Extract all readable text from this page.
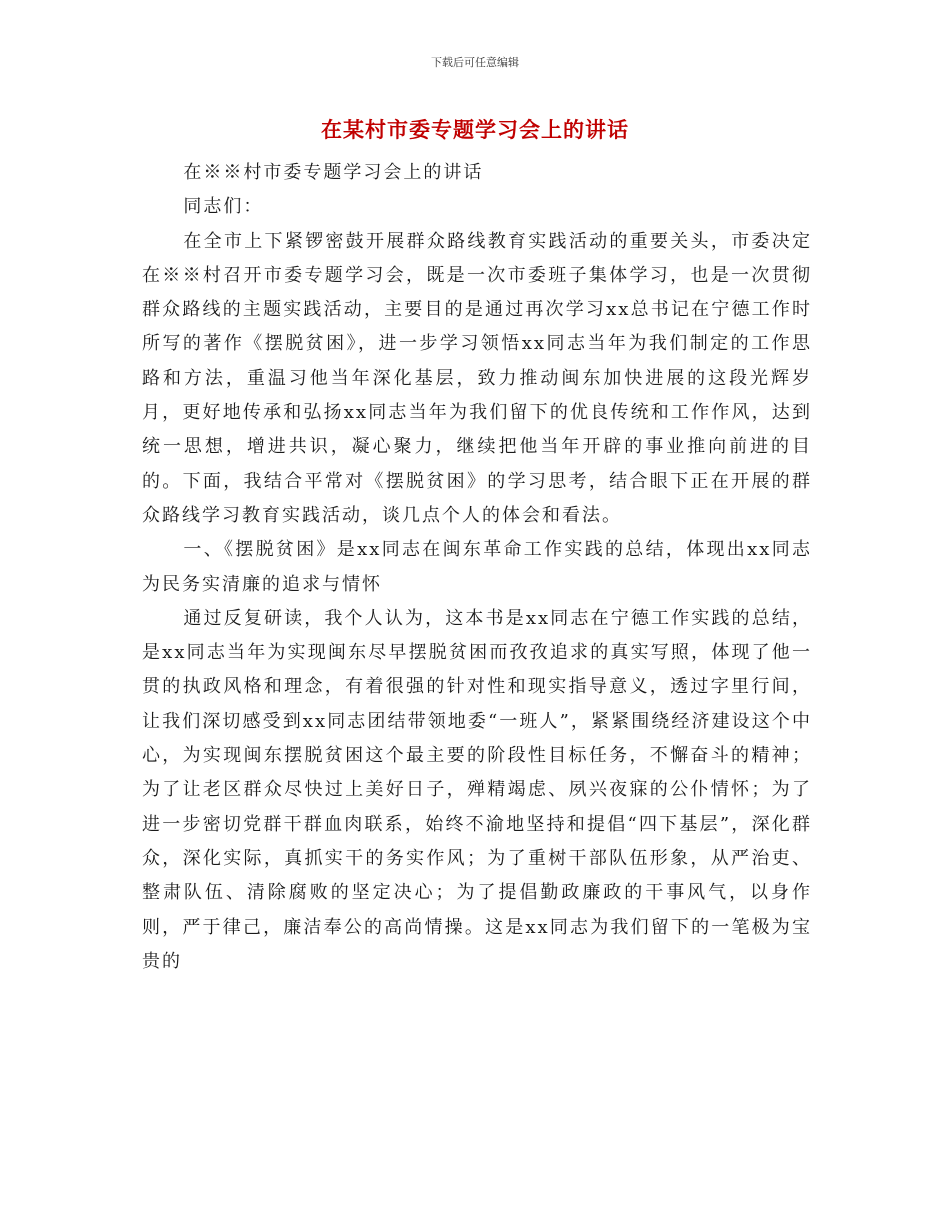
下载后可任意编辑
在某村市委专题学习会上的讲话

在※※村市委专题学习会上的讲话

同志们：

在全市上下紧锣密鼓开展群众路线教育实践活动的重要关头，市委决定在※※村召开市委专题学习会，既是一次市委班子集体学习，也是一次贯彻群众路线的主题实践活动，主要目的是通过再次学习xx总书记在宁德工作时所写的著作《摆脱贫困》，进一步学习领悟xx同志当年为我们制定的工作思路和方法，重温习他当年深化基层，致力推动闽东加快进展的这段光辉岁月，更好地传承和弘扬xx同志当年为我们留下的优良传统和工作作风，达到统一思想，增进共识，凝心聚力，继续把他当年开辟的事业推向前进的目的。下面，我结合平常对《摆脱贫困》的学习思考，结合眼下正在开展的群众路线学习教育实践活动，谈几点个人的体会和看法。

一、《摆脱贫困》是xx同志在闽东革命工作实践的总结，体现出xx同志为民务实清廉的追求与情怀

通过反复研读，我个人认为，这本书是xx同志在宁德工作实践的总结，是xx同志当年为实现闽东尽早摆脱贫困而孜孜追求的真实写照，体现了他一贯的执政风格和理念，有着很强的针对性和现实指导意义，透过字里行间，让我们深切感受到xx同志团结带领地委“一班人”，紧紧围绕经济建设这个中心，为实现闽东摆脱贫困这个最主要的阶段性目标任务，不懈奋斗的精神；为了让老区群众尽快过上美好日子，殚精竭虑、夙兴夜寐的公仆情怀；为了进一步密切党群干群血肉联系，始终不渝地坚持和提倡“四下基层”，深化群众，深化实际，真抓实干的务实作风；为了重树干部队伍形象，从严治吏、整肃队伍、清除腐败的坚定决心；为了提倡勤政廉政的干事风气，以身作则，严于律己，廉洁奉公的高尚情操。这是xx同志为我们留下的一笔极为宝贵的
